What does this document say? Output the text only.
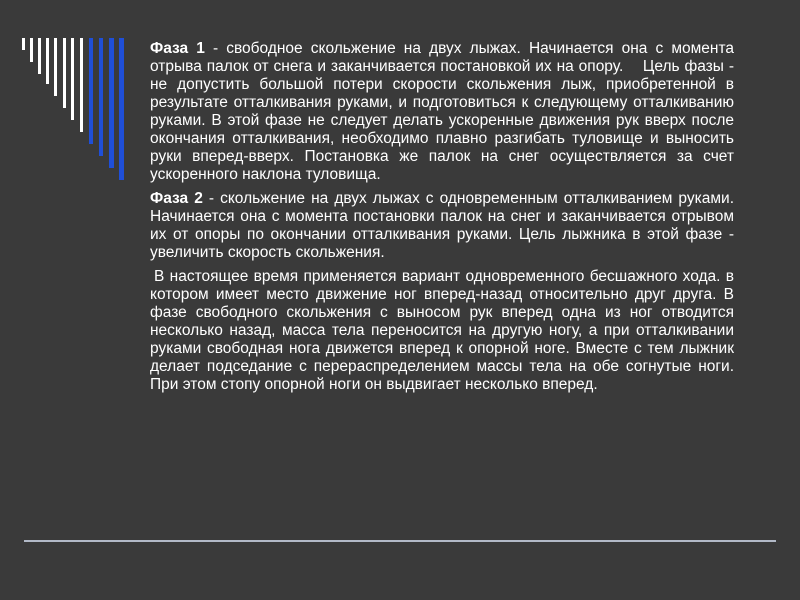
Фаза 1 - свободное скольжение на двух лыжах. Начинается она с момента отрыва палок от снега и заканчивается постановкой их на опору.    Цель фазы - не допустить большой потери скорости скольжения лыж, приобретенной в результате отталкивания руками, и подготовиться к следующему отталкиванию руками. В этой фазе не следует делать ускоренные движения рук вверх после окончания отталкивания, необходимо плавно разгибать туловище и выносить руки вперед-вверх. Постановка же палок на снег осуществляется за счет ускоренного наклона туловища.

Фаза 2 - скольжение на двух лыжах с одновременным отталкиванием руками. Начинается она с момента постановки палок на снег и заканчивается отрывом их от опоры по окончании отталкивания руками. Цель лыжника в этой фазе - увеличить скорость скольжения.

В настоящее время применяется вариант одновременного бесшажного хода. в котором имеет место движение ног вперед-назад относительно друг друга. В фазе свободного скольжения с выносом рук вперед одна из ног отводится несколько назад, масса тела переносится на другую ногу, а при отталкивании руками свободная нога движется вперед к опорной ноге. Вместе с тем лыжник делает подседание с перераспределением массы тела на обе согнутые ноги. При этом стопу опорной ноги он выдвигает несколько вперед.
